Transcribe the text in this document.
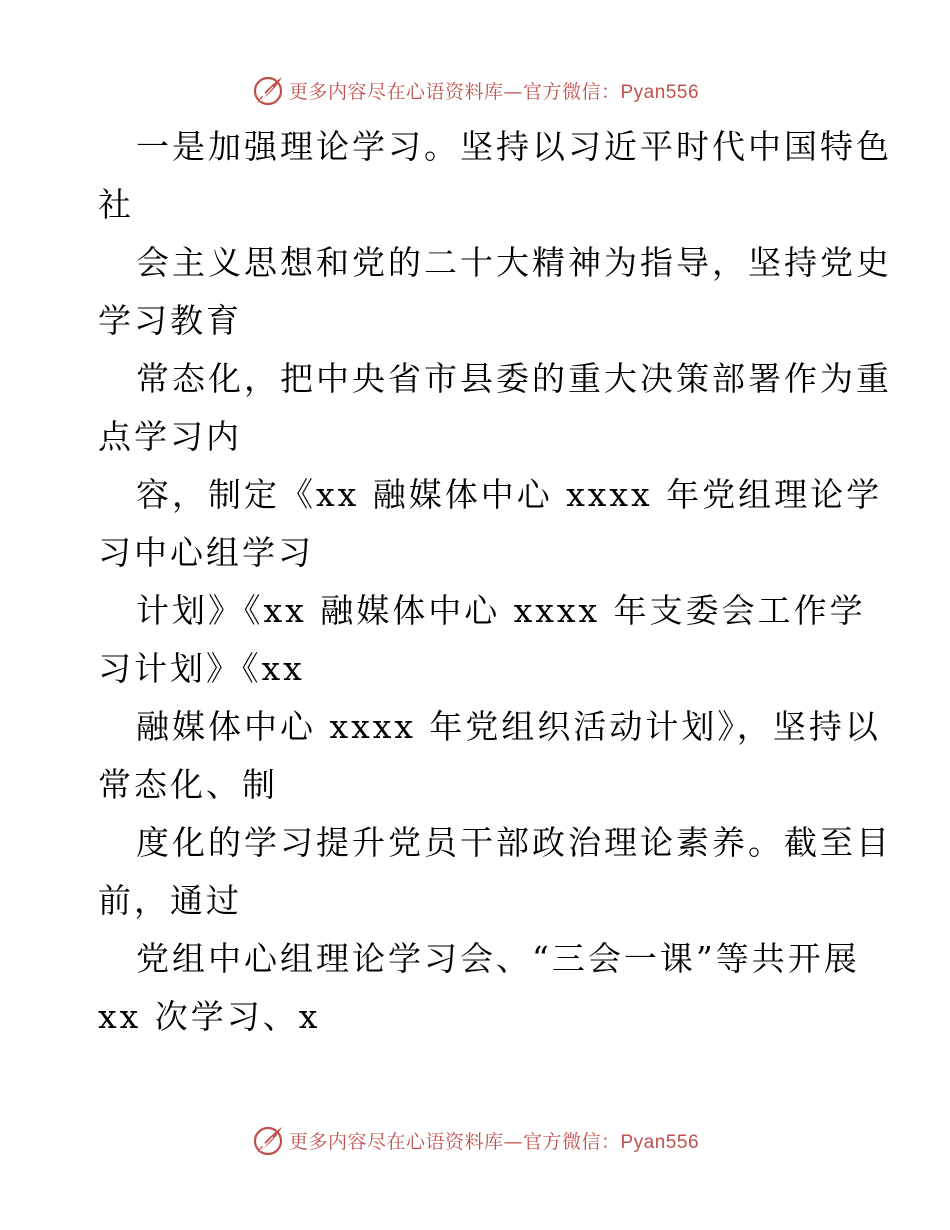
更多内容尽在心语资料库—官方微信：Pyan556
一是加强理论学习。坚持以习近平时代中国特色
社
会主义思想和党的二十大精神为指导，坚持党史
学习教育
常态化，把中央省市县委的重大决策部署作为重
点学习内
容，制定《xx 融媒体中心 xxxx 年党组理论学
习中心组学习
计划》《xx 融媒体中心 xxxx 年支委会工作学
习计划》《xx
融媒体中心 xxxx 年党组织活动计划》，坚持以
常态化、制
度化的学习提升党员干部政治理论素养。截至目
前，通过
党组中心组理论学习会、“三会一课”等共开展
xx 次学习、x
更多内容尽在心语资料库—官方微信：Pyan556
